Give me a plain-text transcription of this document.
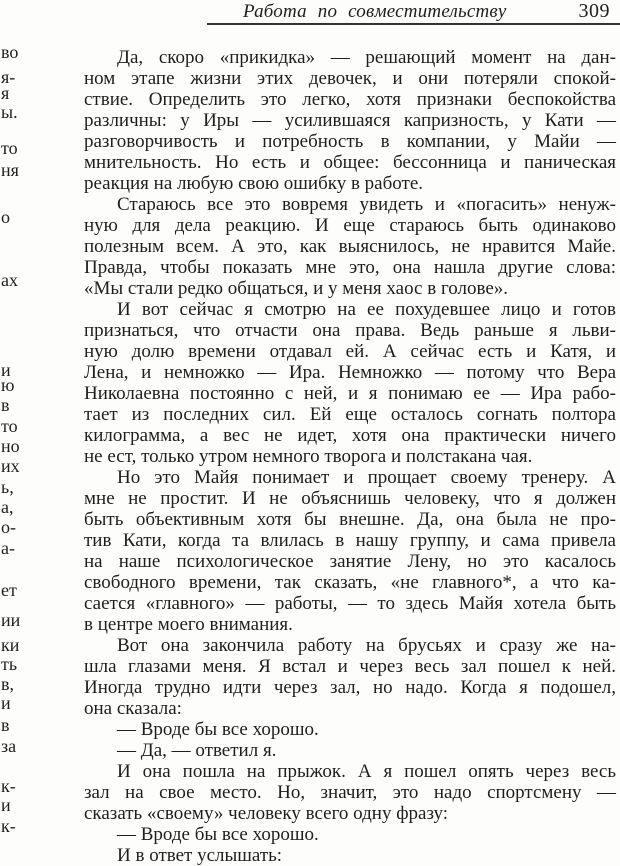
Работа по совместительству	309
во
я-
я
ы.
то
ня
о
ах
и
ю
в
то
но
их
ь,
а,
о-
а-
ет
ии
ки
ть
в,
и
в
за
к-
и
к-
Да, скоро «прикидка» — решающий момент на дан-
ном этапе жизни этих девочек, и они потеряли спокой-
ствие. Определить это легко, хотя признаки беспокойства
различны: у Иры — усилившаяся капризность, у Кати —
разговорчивость и потребность в компании, у Майи —
мнительность. Но есть и общее: бессонница и паническая
реакция на любую свою ошибку в работе.
Стараюсь все это вовремя увидеть и «погасить» ненуж-
ную для дела реакцию. И еще стараюсь быть одинаково
полезным всем. А это, как выяснилось, не нравится Майе.
Правда, чтобы показать мне это, она нашла другие слова:
«Мы стали редко общаться, и у меня хаос в голове».
И вот сейчас я смотрю на ее похудевшее лицо и готов
признаться, что отчасти она права. Ведь раньше я льви-
ную долю времени отдавал ей. А сейчас есть и Катя, и
Лена, и немножко — Ира. Немножко — потому что Вера
Николаевна постоянно с ней, и я понимаю ее — Ира рабо-
тает из последних сил. Ей еще осталось согнать полтора
килограмма, а вес не идет, хотя она практически ничего
не ест, только утром немного творога и полстакана чая.
Но это Майя понимает и прощает своему тренеру. А
мне не простит. И не объяснишь человеку, что я должен
быть объективным хотя бы внешне. Да, она была не про-
тив Кати, когда та влилась в нашу группу, и сама привела
на наше психологическое занятие Лену, но это касалось
свободного времени, так сказать, «не главного*, а что ка-
сается «главного» — работы, — то здесь Майя хотела быть
в центре моего внимания.
Вот она закончила работу на брусьях и сразу же на-
шла глазами меня. Я встал и через весь зал пошел к ней.
Иногда трудно идти через зал, но надо. Когда я подошел,
она сказала:
— Вроде бы все хорошо.
— Да, — ответил я.
И она пошла на прыжок. А я пошел опять через весь
зал на свое место. Но, значит, это надо спортсмену —
сказать «своему» человеку всего одну фразу:
— Вроде бы все хорошо.
И в ответ услышать:
